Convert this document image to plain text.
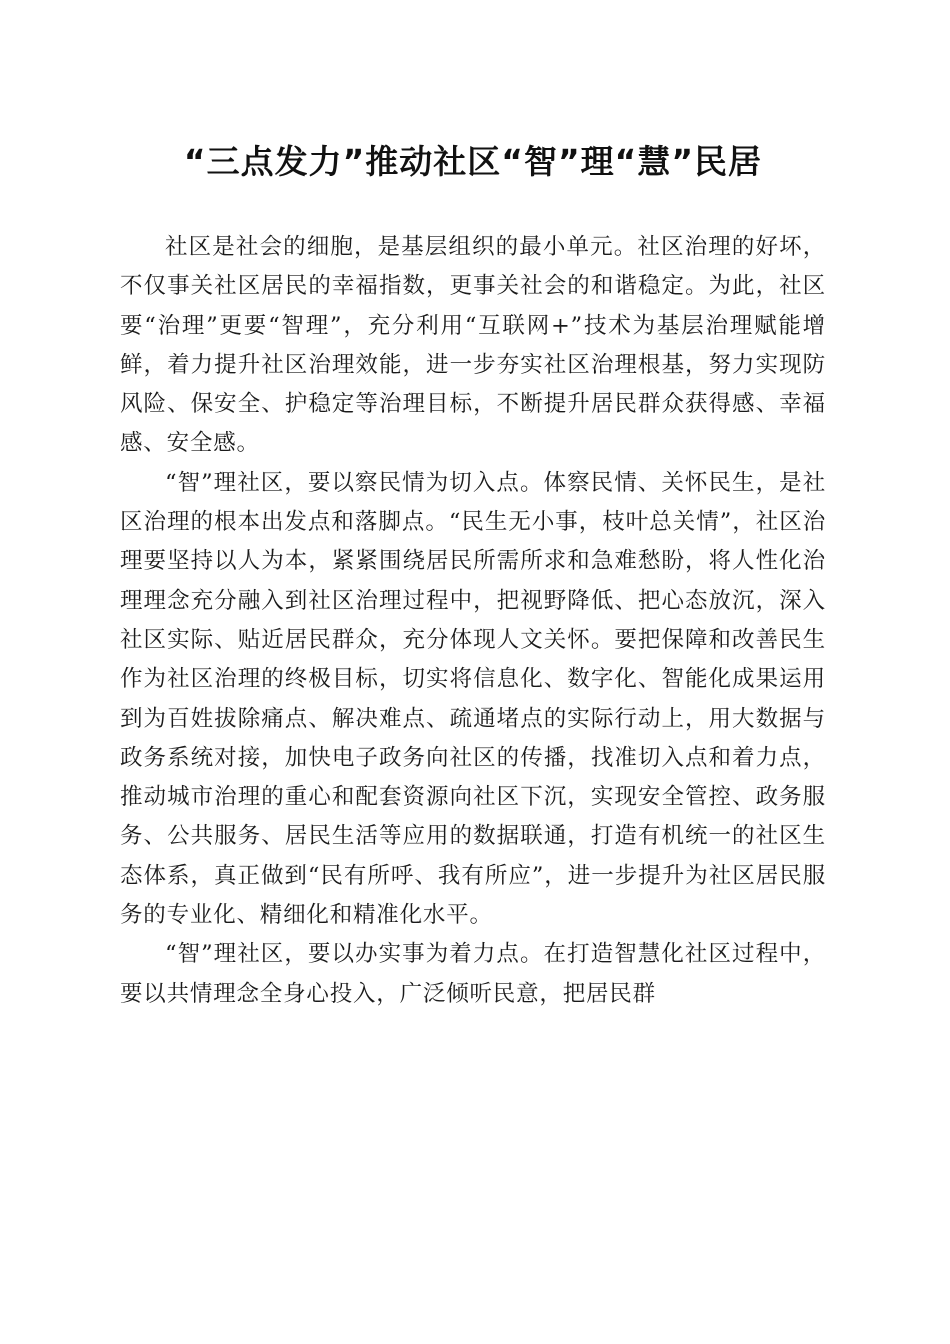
“三点发力”推动社区“智”理“慧”民居

社区是社会的细胞，是基层组织的最小单元。社区治理的好坏，不仅事关社区居民的幸福指数，更事关社会的和谐稳定。为此，社区要“治理”更要“智理”，充分利用“互联网+”技术为基层治理赋能增鲜，着力提升社区治理效能，进一步夯实社区治理根基，努力实现防风险、保安全、护稳定等治理目标，不断提升居民群众获得感、幸福感、安全感。

“智”理社区，要以察民情为切入点。体察民情、关怀民生，是社区治理的根本出发点和落脚点。“民生无小事，枝叶总关情”，社区治理要坚持以人为本，紧紧围绕居民所需所求和急难愁盼，将人性化治理理念充分融入到社区治理过程中，把视野降低、把心态放沉，深入社区实际、贴近居民群众，充分体现人文关怀。要把保障和改善民生作为社区治理的终极目标，切实将信息化、数字化、智能化成果运用到为百姓拔除痛点、解决难点、疏通堵点的实际行动上，用大数据与政务系统对接，加快电子政务向社区的传播，找准切入点和着力点，推动城市治理的重心和配套资源向社区下沉，实现安全管控、政务服务、公共服务、居民生活等应用的数据联通，打造有机统一的社区生态体系，真正做到“民有所呼、我有所应”，进一步提升为社区居民服务的专业化、精细化和精准化水平。

“智”理社区，要以办实事为着力点。在打造智慧化社区过程中，要以共情理念全身心投入，广泛倾听民意，把居民群
